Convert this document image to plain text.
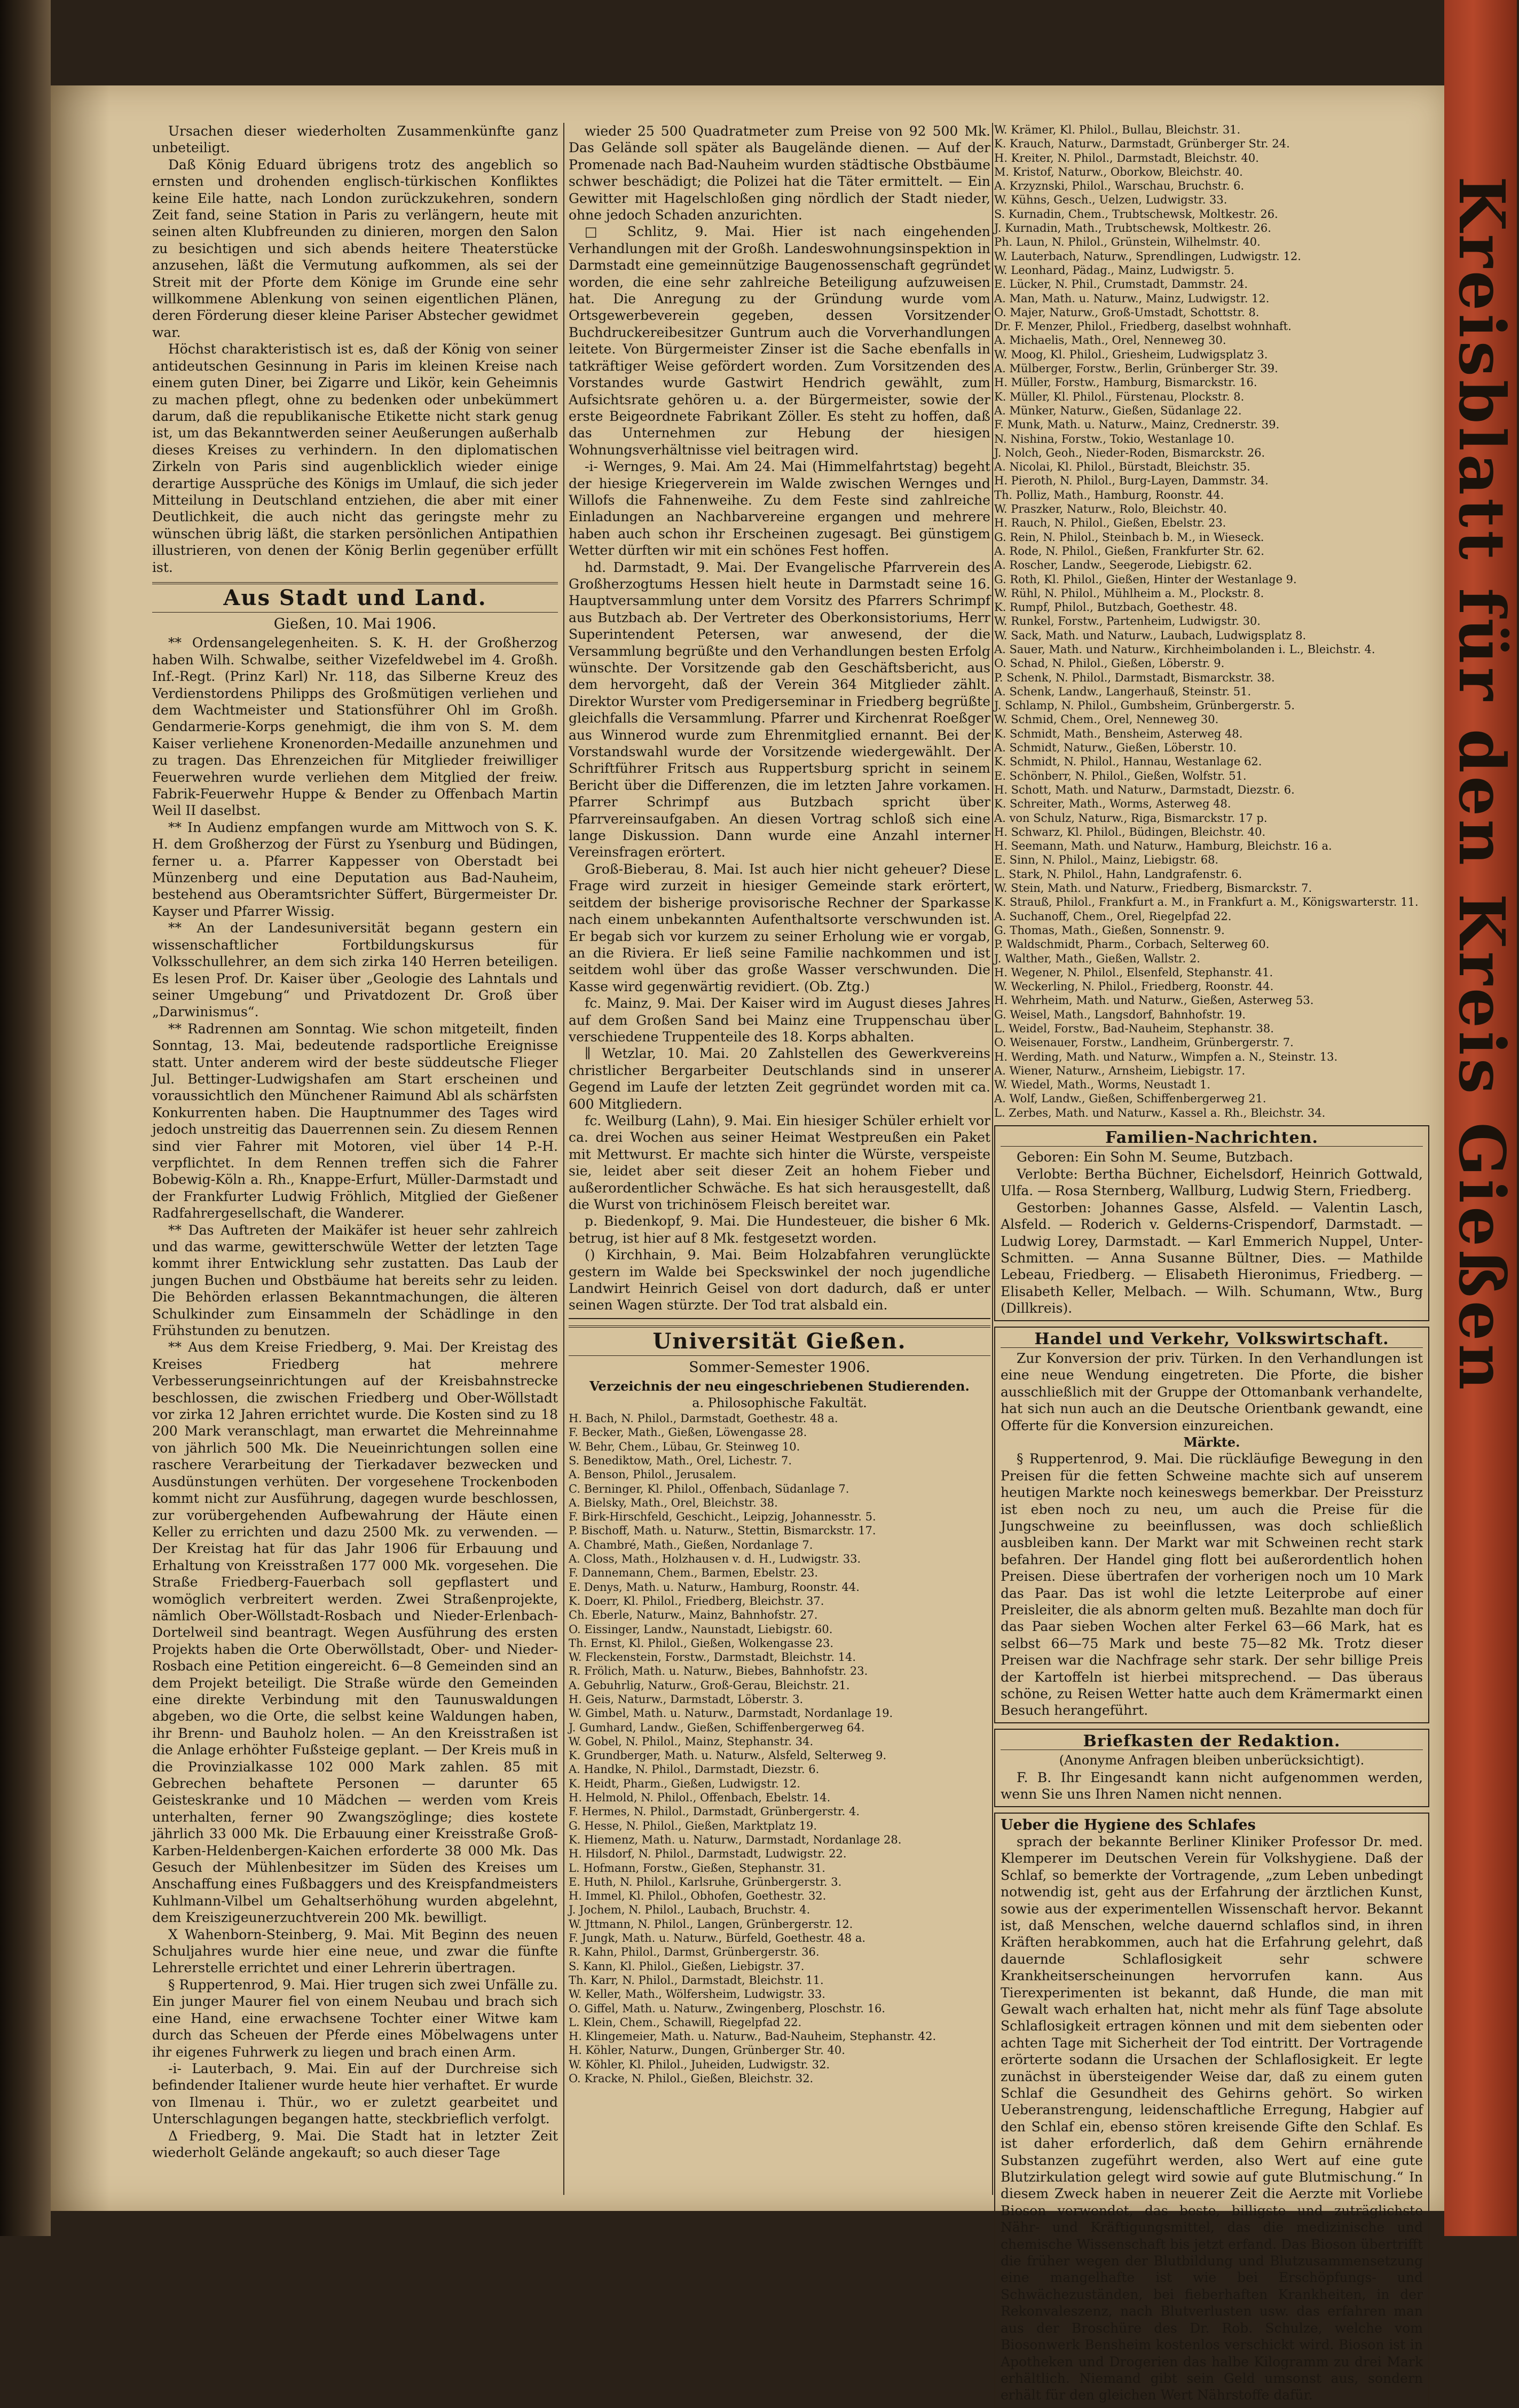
Kreisblatt für den Kreis Gießen

Ursachen dieser wiederholten Zusammenkünfte ganz unbeteiligt.

Daß König Eduard übrigens trotz des angeblich so ernsten und drohenden englisch-türkischen Konfliktes keine Eile hatte, nach London zurückzukehren, sondern Zeit fand, seine Station in Paris zu verlängern, heute mit seinen alten Klubfreunden zu dinieren, morgen den Salon zu besichtigen und sich abends heitere Theaterstücke anzusehen, läßt die Vermutung aufkommen, als sei der Streit mit der Pforte dem Könige im Grunde eine sehr willkommene Ablenkung von seinen eigentlichen Plänen, deren Förderung dieser kleine Pariser Abstecher gewidmet war.

Höchst charakteristisch ist es, daß der König von seiner antideutschen Gesinnung in Paris im kleinen Kreise nach einem guten Diner, bei Zigarre und Likör, kein Geheimnis zu machen pflegt, ohne zu bedenken oder unbekümmert darum, daß die republikanische Etikette nicht stark genug ist, um das Bekanntwerden seiner Aeußerungen außerhalb dieses Kreises zu verhindern. In den diplomatischen Zirkeln von Paris sind augenblicklich wieder einige derartige Aussprüche des Königs im Umlauf, die sich jeder Mitteilung in Deutschland entziehen, die aber mit einer Deutlichkeit, die auch nicht das geringste mehr zu wünschen übrig läßt, die starken persönlichen Antipathien illustrieren, von denen der König Berlin gegenüber erfüllt ist.

Aus Stadt und Land.
Gießen, 10. Mai 1906.

** Ordensangelegenheiten. S. K. H. der Großherzog haben Wilh. Schwalbe, seither Vizefeldwebel im 4. Großh. Inf.-Regt. (Prinz Karl) Nr. 118, das Silberne Kreuz des Verdienstordens Philipps des Großmütigen verliehen und dem Wachtmeister und Stationsführer Ohl im Großh. Gendarmerie-Korps genehmigt, die ihm von S. M. dem Kaiser verliehene Kronenorden-Medaille anzunehmen und zu tragen. Das Ehrenzeichen für Mitglieder freiwilliger Feuerwehren wurde verliehen dem Mitglied der freiw. Fabrik-Feuerwehr Huppe & Bender zu Offenbach Martin Weil II daselbst.

** In Audienz empfangen wurde am Mittwoch von S. K. H. dem Großherzog der Fürst zu Ysenburg und Büdingen, ferner u. a. Pfarrer Kappesser von Oberstadt bei Münzenberg und eine Deputation aus Bad-Nauheim, bestehend aus Oberamtsrichter Süffert, Bürgermeister Dr. Kayser und Pfarrer Wissig.

** An der Landesuniversität begann gestern ein wissenschaftlicher Fortbildungskursus für Volksschullehrer, an dem sich zirka 140 Herren beteiligen. Es lesen Prof. Dr. Kaiser über „Geologie des Lahntals und seiner Umgebung“ und Privatdozent Dr. Groß über „Darwinismus“.

** Radrennen am Sonntag. Wie schon mitgeteilt, finden Sonntag, 13. Mai, bedeutende radsportliche Ereignisse statt. Unter anderem wird der beste süddeutsche Flieger Jul. Bettinger-Ludwigshafen am Start erscheinen und voraussichtlich den Münchener Raimund Abl als schärfsten Konkurrenten haben. Die Hauptnummer des Tages wird jedoch unstreitig das Dauerrennen sein. Zu diesem Rennen sind vier Fahrer mit Motoren, viel über 14 P.-H. verpflichtet. In dem Rennen treffen sich die Fahrer Bobewig-Köln a. Rh., Knappe-Erfurt, Müller-Darmstadt und der Frankfurter Ludwig Fröhlich, Mitglied der Gießener Radfahrergesellschaft, die Wanderer.

** Das Auftreten der Maikäfer ist heuer sehr zahlreich und das warme, gewitterschwüle Wetter der letzten Tage kommt ihrer Entwicklung sehr zustatten. Das Laub der jungen Buchen und Obstbäume hat bereits sehr zu leiden. Die Behörden erlassen Bekanntmachungen, die älteren Schulkinder zum Einsammeln der Schädlinge in den Frühstunden zu benutzen.

** Aus dem Kreise Friedberg, 9. Mai. Der Kreistag des Kreises Friedberg hat mehrere Verbesserungseinrichtungen auf der Kreisbahnstrecke beschlossen, die zwischen Friedberg und Ober-Wöllstadt vor zirka 12 Jahren errichtet wurde. Die Kosten sind zu 18 200 Mark veranschlagt, man erwartet die Mehreinnahme von jährlich 500 Mk. Die Neueinrichtungen sollen eine raschere Verarbeitung der Tierkadaver bezwecken und Ausdünstungen verhüten. Der vorgesehene Trockenboden kommt nicht zur Ausführung, dagegen wurde beschlossen, zur vorübergehenden Aufbewahrung der Häute einen Keller zu errichten und dazu 2500 Mk. zu verwenden. — Der Kreistag hat für das Jahr 1906 für Erbauung und Erhaltung von Kreisstraßen 177 000 Mk. vorgesehen. Die Straße Friedberg-Fauerbach soll gepflastert und womöglich verbreitert werden. Zwei Straßenprojekte, nämlich Ober-Wöllstadt-Rosbach und Nieder-Erlenbach-Dortelweil sind beantragt. Wegen Ausführung des ersten Projekts haben die Orte Oberwöllstadt, Ober- und Nieder-Rosbach eine Petition eingereicht. 6—8 Gemeinden sind an dem Projekt beteiligt. Die Straße würde den Gemeinden eine direkte Verbindung mit den Taunuswaldungen abgeben, wo die Orte, die selbst keine Waldungen haben, ihr Brenn- und Bauholz holen. — An den Kreisstraßen ist die Anlage erhöhter Fußsteige geplant. — Der Kreis muß in die Provinzialkasse 102 000 Mark zahlen. 85 mit Gebrechen behaftete Personen — darunter 65 Geisteskranke und 10 Mädchen — werden vom Kreis unterhalten, ferner 90 Zwangszöglinge; dies kostete jährlich 33 000 Mk. Die Erbauung einer Kreisstraße Groß-Karben-Heldenbergen-Kaichen erforderte 38 000 Mk. Das Gesuch der Mühlenbesitzer im Süden des Kreises um Anschaffung eines Fußbaggers und des Kreispfandmeisters Kuhlmann-Vilbel um Gehaltserhöhung wurden abgelehnt, dem Kreiszigeunerzuchtverein 200 Mk. bewilligt.

X Wahenborn-Steinberg, 9. Mai. Mit Beginn des neuen Schuljahres wurde hier eine neue, und zwar die fünfte Lehrerstelle errichtet und einer Lehrerin übertragen.

§ Ruppertenrod, 9. Mai. Hier trugen sich zwei Unfälle zu. Ein junger Maurer fiel von einem Neubau und brach sich eine Hand, eine erwachsene Tochter einer Witwe kam durch das Scheuen der Pferde eines Möbelwagens unter ihr eigenes Fuhrwerk zu liegen und brach einen Arm.

-i- Lauterbach, 9. Mai. Ein auf der Durchreise sich befindender Italiener wurde heute hier verhaftet. Er wurde von Ilmenau i. Thür., wo er zuletzt gearbeitet und Unterschlagungen begangen hatte, steckbrieflich verfolgt.

Δ Friedberg, 9. Mai. Die Stadt hat in letzter Zeit wiederholt Gelände angekauft; so auch dieser Tage

wieder 25 500 Quadratmeter zum Preise von 92 500 Mk. Das Gelände soll später als Baugelände dienen. — Auf der Promenade nach Bad-Nauheim wurden städtische Obstbäume schwer beschädigt; die Polizei hat die Täter ermittelt. — Ein Gewitter mit Hagelschloßen ging nördlich der Stadt nieder, ohne jedoch Schaden anzurichten.

□ Schlitz, 9. Mai. Hier ist nach eingehenden Verhandlungen mit der Großh. Landeswohnungsinspektion in Darmstadt eine gemeinnützige Baugenossenschaft gegründet worden, die eine sehr zahlreiche Beteiligung aufzuweisen hat. Die Anregung zu der Gründung wurde vom Ortsgewerbeverein gegeben, dessen Vorsitzender Buchdruckereibesitzer Guntrum auch die Vorverhandlungen leitete. Von Bürgermeister Zinser ist die Sache ebenfalls in tatkräftiger Weise gefördert worden. Zum Vorsitzenden des Vorstandes wurde Gastwirt Hendrich gewählt, zum Aufsichtsrate gehören u. a. der Bürgermeister, sowie der erste Beigeordnete Fabrikant Zöller. Es steht zu hoffen, daß das Unternehmen zur Hebung der hiesigen Wohnungsverhältnisse viel beitragen wird.

-i- Wernges, 9. Mai. Am 24. Mai (Himmelfahrtstag) begeht der hiesige Kriegerverein im Walde zwischen Wernges und Willofs die Fahnenweihe. Zu dem Feste sind zahlreiche Einladungen an Nachbarvereine ergangen und mehrere haben auch schon ihr Erscheinen zugesagt. Bei günstigem Wetter dürften wir mit ein schönes Fest hoffen.

hd. Darmstadt, 9. Mai. Der Evangelische Pfarrverein des Großherzogtums Hessen hielt heute in Darmstadt seine 16. Hauptversammlung unter dem Vorsitz des Pfarrers Schrimpf aus Butzbach ab. Der Vertreter des Oberkonsistoriums, Herr Superintendent Petersen, war anwesend, der die Versammlung begrüßte und den Verhandlungen besten Erfolg wünschte. Der Vorsitzende gab den Geschäftsbericht, aus dem hervorgeht, daß der Verein 364 Mitglieder zählt. Direktor Wurster vom Predigerseminar in Friedberg begrüßte gleichfalls die Versammlung. Pfarrer und Kirchenrat Roeßger aus Winnerod wurde zum Ehrenmitglied ernannt. Bei der Vorstandswahl wurde der Vorsitzende wiedergewählt. Der Schriftführer Fritsch aus Ruppertsburg spricht in seinem Bericht über die Differenzen, die im letzten Jahre vorkamen. Pfarrer Schrimpf aus Butzbach spricht über Pfarrvereinsaufgaben. An diesen Vortrag schloß sich eine lange Diskussion. Dann wurde eine Anzahl interner Vereinsfragen erörtert.

Groß-Bieberau, 8. Mai. Ist auch hier nicht geheuer? Diese Frage wird zurzeit in hiesiger Gemeinde stark erörtert, seitdem der bisherige provisorische Rechner der Sparkasse nach einem unbekannten Aufenthaltsorte verschwunden ist. Er begab sich vor kurzem zu seiner Erholung wie er vorgab, an die Riviera. Er ließ seine Familie nachkommen und ist seitdem wohl über das große Wasser verschwunden. Die Kasse wird gegenwärtig revidiert. (Ob. Ztg.)

fc. Mainz, 9. Mai. Der Kaiser wird im August dieses Jahres auf dem Großen Sand bei Mainz eine Truppenschau über verschiedene Truppenteile des 18. Korps abhalten.

∥ Wetzlar, 10. Mai. 20 Zahlstellen des Gewerkvereins christlicher Bergarbeiter Deutschlands sind in unserer Gegend im Laufe der letzten Zeit gegründet worden mit ca. 600 Mitgliedern.

fc. Weilburg (Lahn), 9. Mai. Ein hiesiger Schüler erhielt vor ca. drei Wochen aus seiner Heimat Westpreußen ein Paket mit Mettwurst. Er machte sich hinter die Würste, verspeiste sie, leidet aber seit dieser Zeit an hohem Fieber und außerordentlicher Schwäche. Es hat sich herausgestellt, daß die Wurst von trichinösem Fleisch bereitet war.

p. Biedenkopf, 9. Mai. Die Hundesteuer, die bisher 6 Mk. betrug, ist hier auf 8 Mk. festgesetzt worden.

() Kirchhain, 9. Mai. Beim Holzabfahren verunglückte gestern im Walde bei Speckswinkel der noch jugendliche Landwirt Heinrich Geisel von dort dadurch, daß er unter seinen Wagen stürzte. Der Tod trat alsbald ein.

Universität Gießen.
Sommer-Semester 1906.
Verzeichnis der neu eingeschriebenen Studierenden.
a. Philosophische Fakultät.

H. Bach, N. Philol., Darmstadt, Goethestr. 48 a.

F. Becker, Math., Gießen, Löwengasse 28.

W. Behr, Chem., Lübau, Gr. Steinweg 10.

S. Benediktow, Math., Orel, Lichestr. 7.

A. Benson, Philol., Jerusalem.

C. Berninger, Kl. Philol., Offenbach, Südanlage 7.

A. Bielsky, Math., Orel, Bleichstr. 38.

F. Birk-Hirschfeld, Geschicht., Leipzig, Johannesstr. 5.

P. Bischoff, Math. u. Naturw., Stettin, Bismarckstr. 17.

A. Chambré, Math., Gießen, Nordanlage 7.

A. Closs, Math., Holzhausen v. d. H., Ludwigstr. 33.

F. Dannemann, Chem., Barmen, Ebelstr. 23.

E. Denys, Math. u. Naturw., Hamburg, Roonstr. 44.

K. Doerr, Kl. Philol., Friedberg, Bleichstr. 37.

Ch. Eberle, Naturw., Mainz, Bahnhofstr. 27.

O. Eissinger, Landw., Naunstadt, Liebigstr. 60.

Th. Ernst, Kl. Philol., Gießen, Wolkengasse 23.

W. Fleckenstein, Forstw., Darmstadt, Bleichstr. 14.

R. Frölich, Math. u. Naturw., Biebes, Bahnhofstr. 23.

A. Gebuhrlig, Naturw., Groß-Gerau, Bleichstr. 21.

H. Geis, Naturw., Darmstadt, Löberstr. 3.

W. Gimbel, Math. u. Naturw., Darmstadt, Nordanlage 19.

J. Gumhard, Landw., Gießen, Schiffenbergerweg 64.

W. Gobel, N. Philol., Mainz, Stephanstr. 34.

K. Grundberger, Math. u. Naturw., Alsfeld, Selterweg 9.

A. Handke, N. Philol., Darmstadt, Diezstr. 6.

K. Heidt, Pharm., Gießen, Ludwigstr. 12.

H. Helmold, N. Philol., Offenbach, Ebelstr. 14.

F. Hermes, N. Philol., Darmstadt, Grünbergerstr. 4.

G. Hesse, N. Philol., Gießen, Marktplatz 19.

K. Hiemenz, Math. u. Naturw., Darmstadt, Nordanlage 28.

H. Hilsdorf, N. Philol., Darmstadt, Ludwigstr. 22.

L. Hofmann, Forstw., Gießen, Stephanstr. 31.

E. Huth, N. Philol., Karlsruhe, Grünbergerstr. 3.

H. Immel, Kl. Philol., Obhofen, Goethestr. 32.

J. Jochem, N. Philol., Laubach, Bruchstr. 4.

W. Jttmann, N. Philol., Langen, Grünbergerstr. 12.

F. Jungk, Math. u. Naturw., Bürfeld, Goethestr. 48 a.

R. Kahn, Philol., Darmst, Grünbergerstr. 36.

S. Kann, Kl. Philol., Gießen, Liebigstr. 37.

Th. Karr, N. Philol., Darmstadt, Bleichstr. 11.

W. Keller, Math., Wölfersheim, Ludwigstr. 33.

O. Giffel, Math. u. Naturw., Zwingenberg, Ploschstr. 16.

L. Klein, Chem., Schawill, Riegelpfad 22.

H. Klingemeier, Math. u. Naturw., Bad-Nauheim, Stephanstr. 42.

H. Köhler, Naturw., Dungen, Grünberger Str. 40.

W. Köhler, Kl. Philol., Juheiden, Ludwigstr. 32.

O. Kracke, N. Philol., Gießen, Bleichstr. 32.

W. Krämer, Kl. Philol., Bullau, Bleichstr. 31.

K. Krauch, Naturw., Darmstadt, Grünberger Str. 24.

H. Kreiter, N. Philol., Darmstadt, Bleichstr. 40.

M. Kristof, Naturw., Oborkow, Bleichstr. 40.

A. Krzyznski, Philol., Warschau, Bruchstr. 6.

W. Kühns, Gesch., Uelzen, Ludwigstr. 33.

S. Kurnadin, Chem., Trubtschewsk, Moltkestr. 26.

J. Kurnadin, Math., Trubtschewsk, Moltkestr. 26.

Ph. Laun, N. Philol., Grünstein, Wilhelmstr. 40.

W. Lauterbach, Naturw., Sprendlingen, Ludwigstr. 12.

W. Leonhard, Pädag., Mainz, Ludwigstr. 5.

E. Lücker, N. Phil., Crumstadt, Dammstr. 24.

A. Man, Math. u. Naturw., Mainz, Ludwigstr. 12.

O. Majer, Naturw., Groß-Umstadt, Schottstr. 8.

Dr. F. Menzer, Philol., Friedberg, daselbst wohnhaft.

A. Michaelis, Math., Orel, Nenneweg 30.

W. Moog, Kl. Philol., Griesheim, Ludwigsplatz 3.

A. Mülberger, Forstw., Berlin, Grünberger Str. 39.

H. Müller, Forstw., Hamburg, Bismarckstr. 16.

K. Müller, Kl. Philol., Fürstenau, Plockstr. 8.

A. Münker, Naturw., Gießen, Südanlage 22.

F. Munk, Math. u. Naturw., Mainz, Crednerstr. 39.

N. Nishina, Forstw., Tokio, Westanlage 10.

J. Nolch, Geoh., Nieder-Roden, Bismarckstr. 26.

A. Nicolai, Kl. Philol., Bürstadt, Bleichstr. 35.

H. Pieroth, N. Philol., Burg-Layen, Dammstr. 34.

Th. Polliz, Math., Hamburg, Roonstr. 44.

W. Praszker, Naturw., Rolo, Bleichstr. 40.

H. Rauch, N. Philol., Gießen, Ebelstr. 23.

G. Rein, N. Philol., Steinbach b. M., in Wieseck.

A. Rode, N. Philol., Gießen, Frankfurter Str. 62.

A. Roscher, Landw., Seegerode, Liebigstr. 62.

G. Roth, Kl. Philol., Gießen, Hinter der Westanlage 9.

W. Rühl, N. Philol., Mühlheim a. M., Plockstr. 8.

K. Rumpf, Philol., Butzbach, Goethestr. 48.

W. Runkel, Forstw., Partenheim, Ludwigstr. 30.

W. Sack, Math. und Naturw., Laubach, Ludwigsplatz 8.

A. Sauer, Math. und Naturw., Kirchheimbolanden i. L., Bleichstr. 4.

O. Schad, N. Philol., Gießen, Löberstr. 9.

P. Schenk, N. Philol., Darmstadt, Bismarckstr. 38.

A. Schenk, Landw., Langerhauß, Steinstr. 51.

J. Schlamp, N. Philol., Gumbsheim, Grünbergerstr. 5.

W. Schmid, Chem., Orel, Nenneweg 30.

K. Schmidt, Math., Bensheim, Asterweg 48.

A. Schmidt, Naturw., Gießen, Löberstr. 10.

K. Schmidt, N. Philol., Hannau, Westanlage 62.

E. Schönberr, N. Philol., Gießen, Wolfstr. 51.

H. Schott, Math. und Naturw., Darmstadt, Diezstr. 6.

K. Schreiter, Math., Worms, Asterweg 48.

A. von Schulz, Naturw., Riga, Bismarckstr. 17 p.

H. Schwarz, Kl. Philol., Büdingen, Bleichstr. 40.

H. Seemann, Math. und Naturw., Hamburg, Bleichstr. 16 a.

E. Sinn, N. Philol., Mainz, Liebigstr. 68.

L. Stark, N. Philol., Hahn, Landgrafenstr. 6.

W. Stein, Math. und Naturw., Friedberg, Bismarckstr. 7.

K. Strauß, Philol., Frankfurt a. M., in Frankfurt a. M., Königswarterstr. 11.

A. Suchanoff, Chem., Orel, Riegelpfad 22.

G. Thomas, Math., Gießen, Sonnenstr. 9.

P. Waldschmidt, Pharm., Corbach, Selterweg 60.

J. Walther, Math., Gießen, Wallstr. 2.

H. Wegener, N. Philol., Elsenfeld, Stephanstr. 41.

W. Weckerling, N. Philol., Friedberg, Roonstr. 44.

H. Wehrheim, Math. und Naturw., Gießen, Asterweg 53.

G. Weisel, Math., Langsdorf, Bahnhofstr. 19.

L. Weidel, Forstw., Bad-Nauheim, Stephanstr. 38.

O. Weisenauer, Forstw., Landheim, Grünbergerstr. 7.

H. Werding, Math. und Naturw., Wimpfen a. N., Steinstr. 13.

A. Wiener, Naturw., Arnsheim, Liebigstr. 17.

W. Wiedel, Math., Worms, Neustadt 1.

A. Wolf, Landw., Gießen, Schiffenbergerweg 21.

L. Zerbes, Math. und Naturw., Kassel a. Rh., Bleichstr. 34.

Familien-Nachrichten.

Geboren: Ein Sohn M. Seume, Butzbach.

Verlobte: Bertha Büchner, Eichelsdorf, Heinrich Gottwald, Ulfa. — Rosa Sternberg, Wallburg, Ludwig Stern, Friedberg.

Gestorben: Johannes Gasse, Alsfeld. — Valentin Lasch, Alsfeld. — Roderich v. Gelderns-Crispendorf, Darmstadt. — Ludwig Lorey, Darmstadt. — Karl Emmerich Nuppel, Unter-Schmitten. — Anna Susanne Bültner, Dies. — Mathilde Lebeau, Friedberg. — Elisabeth Hieronimus, Friedberg. — Elisabeth Keller, Melbach. — Wilh. Schumann, Wtw., Burg (Dillkreis).

Handel und Verkehr, Volkswirtschaft.

Zur Konversion der priv. Türken. In den Verhandlungen ist eine neue Wendung eingetreten. Die Pforte, die bisher ausschließlich mit der Gruppe der Ottomanbank verhandelte, hat sich nun auch an die Deutsche Orientbank gewandt, eine Offerte für die Konversion einzureichen.

Märkte.

§ Ruppertenrod, 9. Mai. Die rückläufige Bewegung in den Preisen für die fetten Schweine machte sich auf unserem heutigen Markte noch keineswegs bemerkbar. Der Preissturz ist eben noch zu neu, um auch die Preise für die Jungschweine zu beeinflussen, was doch schließlich ausbleiben kann. Der Markt war mit Schweinen recht stark befahren. Der Handel ging flott bei außerordentlich hohen Preisen. Diese übertrafen der vorherigen noch um 10 Mark das Paar. Das ist wohl die letzte Leiterprobe auf einer Preisleiter, die als abnorm gelten muß. Bezahlte man doch für das Paar sieben Wochen alter Ferkel 63—66 Mark, hat es selbst 66—75 Mark und beste 75—82 Mk. Trotz dieser Preisen war die Nachfrage sehr stark. Der sehr billige Preis der Kartoffeln ist hierbei mitsprechend. — Das überaus schöne, zu Reisen Wetter hatte auch dem Krämermarkt einen Besuch herangeführt.

Briefkasten der Redaktion.
(Anonyme Anfragen bleiben unberücksichtigt).

F. B. Ihr Eingesandt kann nicht aufgenommen werden, wenn Sie uns Ihren Namen nicht nennen.

Ueber die Hygiene des Schlafes

sprach der bekannte Berliner Kliniker Professor Dr. med. Klemperer im Deutschen Verein für Volkshygiene. Daß der Schlaf, so bemerkte der Vortragende, „zum Leben unbedingt notwendig ist, geht aus der Erfahrung der ärztlichen Kunst, sowie aus der experimentellen Wissenschaft hervor. Bekannt ist, daß Menschen, welche dauernd schlaflos sind, in ihren Kräften herabkommen, auch hat die Erfahrung gelehrt, daß dauernde Schlaflosigkeit sehr schwere Krankheitserscheinungen hervorrufen kann. Aus Tierexperimenten ist bekannt, daß Hunde, die man mit Gewalt wach erhalten hat, nicht mehr als fünf Tage absolute Schlaflosigkeit ertragen können und mit dem siebenten oder achten Tage mit Sicherheit der Tod eintritt. Der Vortragende erörterte sodann die Ursachen der Schlaflosigkeit. Er legte zunächst in übersteigender Weise dar, daß zu einem guten Schlaf die Gesundheit des Gehirns gehört. So wirken Ueberanstrengung, leidenschaftliche Erregung, Habgier auf den Schlaf ein, ebenso stören kreisende Gifte den Schlaf. Es ist daher erforderlich, daß dem Gehirn ernährende Substanzen zugeführt werden, also Wert auf eine gute Blutzirkulation gelegt wird sowie auf gute Blutmischung.“ In diesem Zweck haben in neuerer Zeit die Aerzte mit Vorliebe Bioson verwendet, das beste, billigste und zuträglichste Nähr- und Kräftigungsmittel, das die medizinische und chemische Wissenschaft bis jetzt erfand. Das Bioson übertrifft die früher wegen der Blutbildung und Blutzusammensetzung eine mangelhafte ist wie bei Erschöpfungs- und Schwächezuständen, bei fieberhaften Krankheiten, in der Rekonvaleszenz, nach Blutverlusten usw. das erfahren man aus der Broschüre des Dr. Rob. Schulze, welche vom Biosonwerk Bensheim kostenlos verschickt wird. Bioson ist in Apotheken und Drogerien das halbe Kilogramm zu drei Mark erhältlich. Niemand gibt sein Geld umsonst aus, sondern erhält für den gleichen Wert Nährstoffe dafür.
